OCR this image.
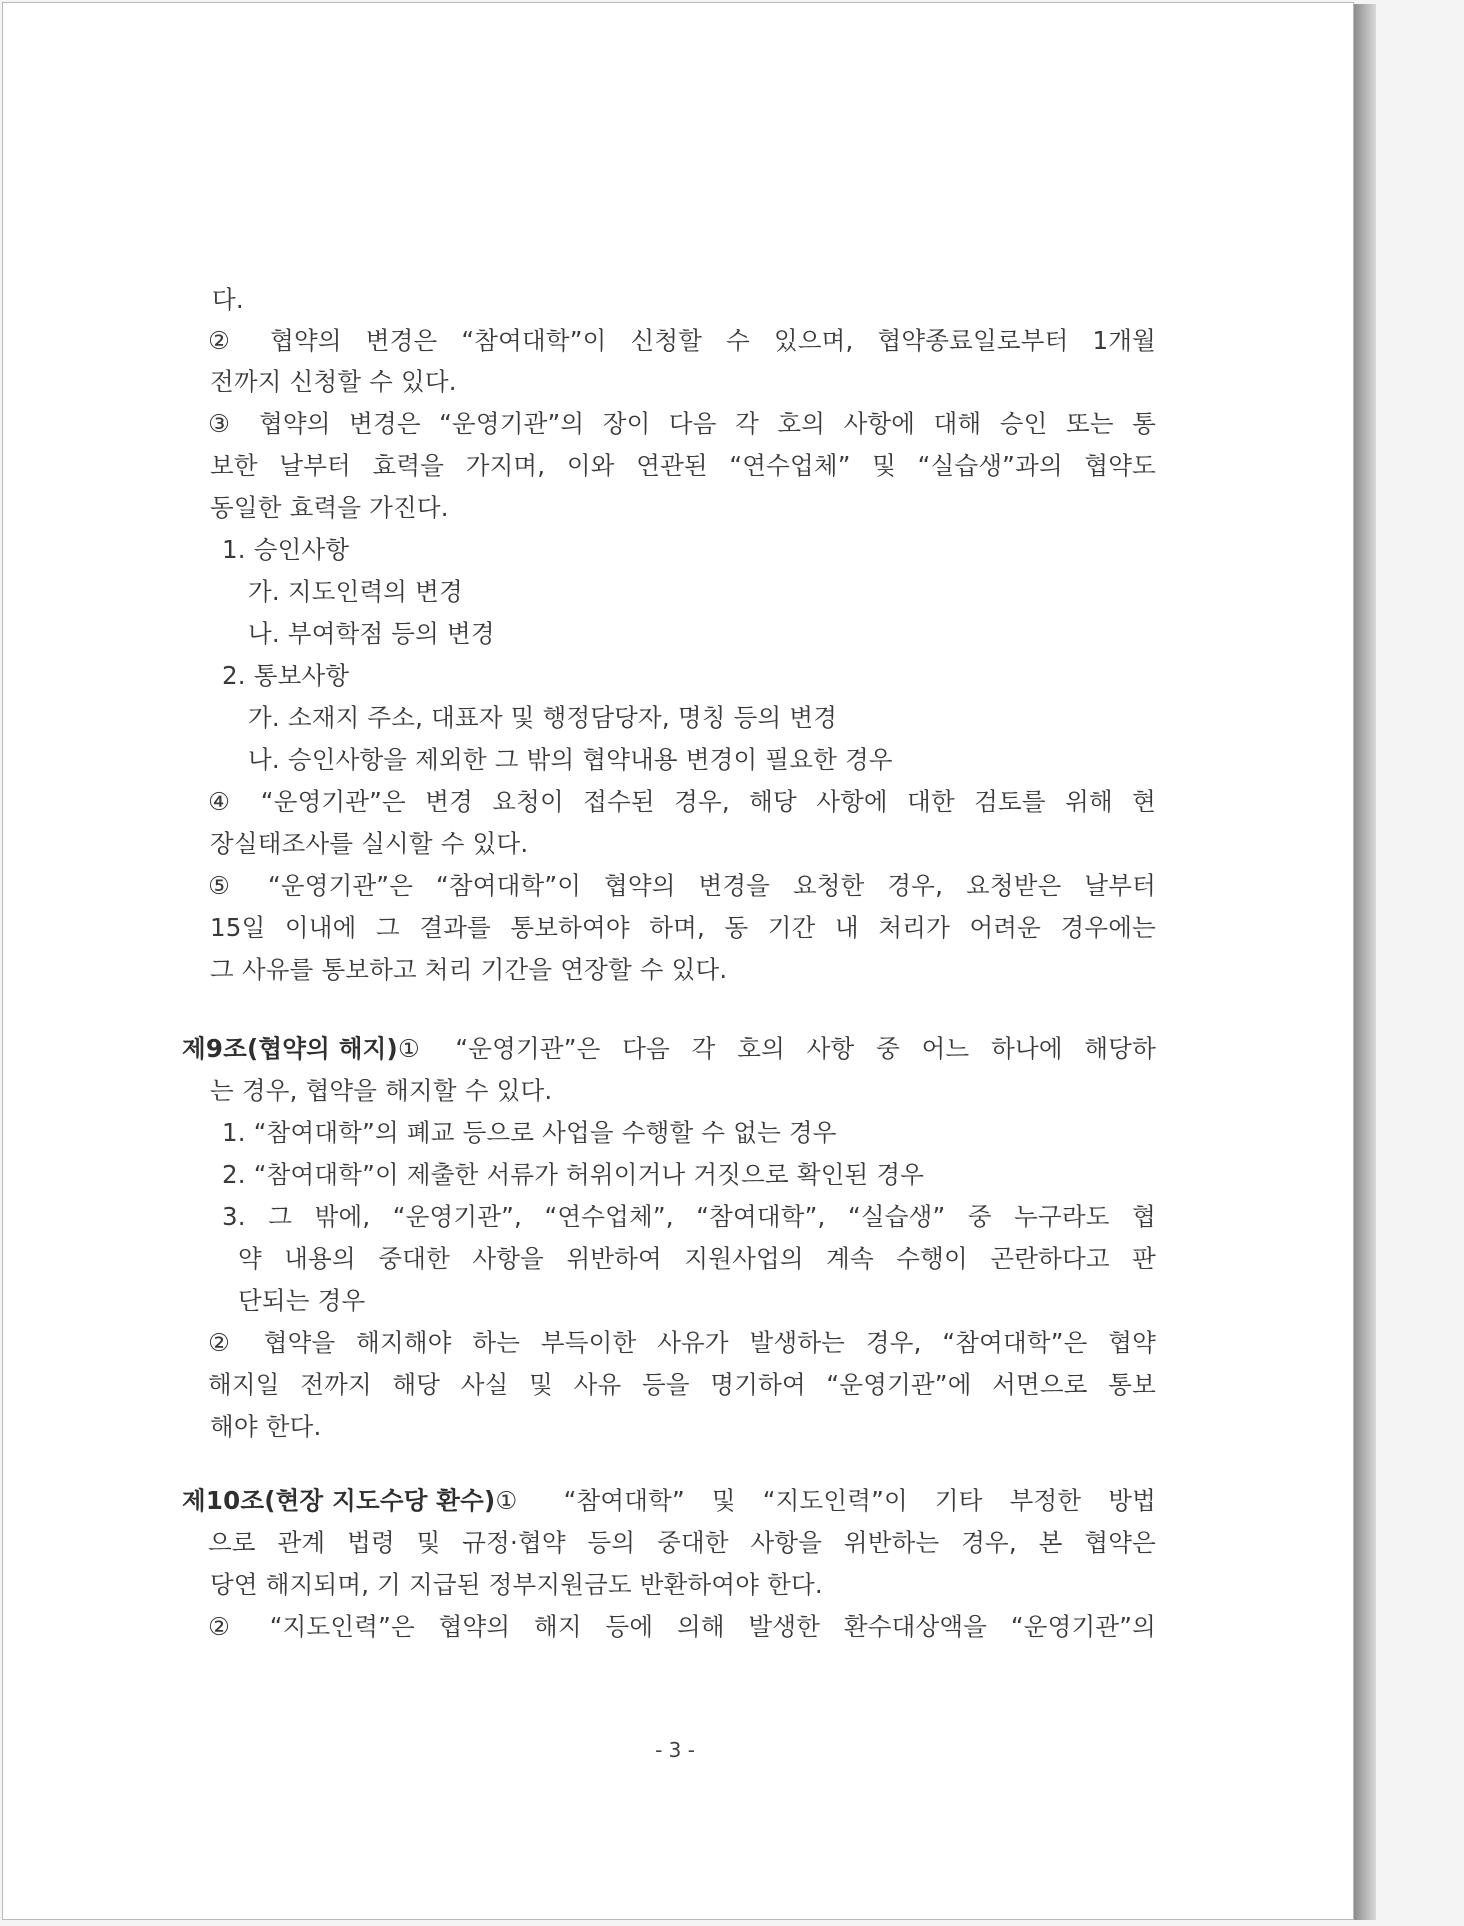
다.
② 협약의 변경은 “참여대학”이 신청할 수 있으며, 협약종료일로부터 1개월
전까지 신청할 수 있다.
③ 협약의 변경은 “운영기관”의 장이 다음 각 호의 사항에 대해 승인 또는 통
보한 날부터 효력을 가지며, 이와 연관된 “연수업체” 및 “실습생”과의 협약도
동일한 효력을 가진다.
1. 승인사항
가. 지도인력의 변경
나. 부여학점 등의 변경
2. 통보사항
가. 소재지 주소, 대표자 및 행정담당자, 명칭 등의 변경
나. 승인사항을 제외한 그 밖의 협약내용 변경이 필요한 경우
④ “운영기관”은 변경 요청이 접수된 경우, 해당 사항에 대한 검토를 위해 현
장실태조사를 실시할 수 있다.
⑤ “운영기관”은 “참여대학”이 협약의 변경을 요청한 경우, 요청받은 날부터
15일 이내에 그 결과를 통보하여야 하며, 동 기간 내 처리가 어려운 경우에는
그 사유를 통보하고 처리 기간을 연장할 수 있다.
제9조(협약의 해지) ① “운영기관”은 다음 각 호의 사항 중 어느 하나에 해당하
는 경우, 협약을 해지할 수 있다.
1. “참여대학”의 폐교 등으로 사업을 수행할 수 없는 경우
2. “참여대학”이 제출한 서류가 허위이거나 거짓으로 확인된 경우
3. 그 밖에, “운영기관”, “연수업체”, “참여대학”, “실습생” 중 누구라도 협
약 내용의 중대한 사항을 위반하여 지원사업의 계속 수행이 곤란하다고 판
단되는 경우
② 협약을 해지해야 하는 부득이한 사유가 발생하는 경우, “참여대학”은 협약
해지일 전까지 해당 사실 및 사유 등을 명기하여 “운영기관”에 서면으로 통보
해야 한다.
제10조(현장 지도수당 환수) ① “참여대학” 및 “지도인력”이 기타 부정한 방법
으로 관계 법령 및 규정·협약 등의 중대한 사항을 위반하는 경우, 본 협약은
당연 해지되며, 기 지급된 정부지원금도 반환하여야 한다.
② “지도인력”은 협약의 해지 등에 의해 발생한 환수대상액을 “운영기관”의
- 3 -
